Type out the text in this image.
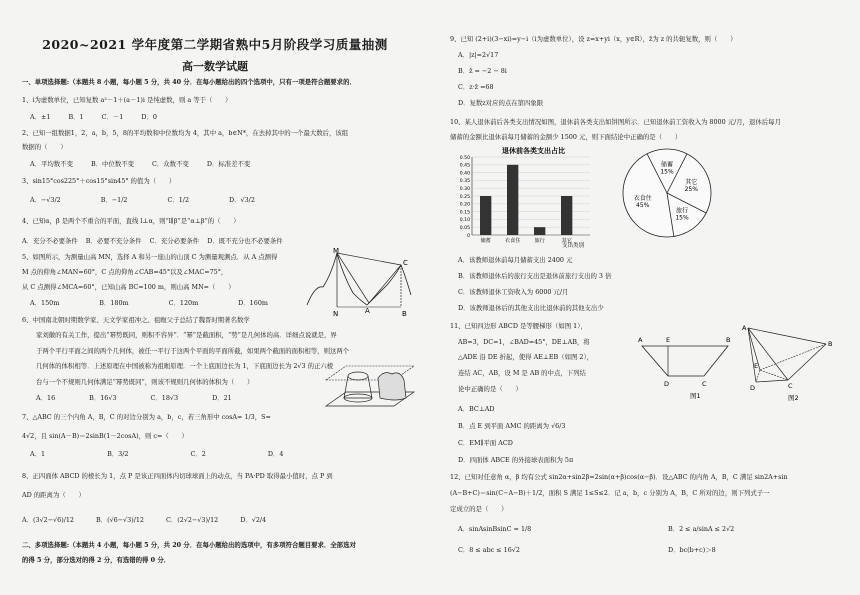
2020~2021 学年度第二学期省熟中5月阶段学习质量抽测
高一数学试题
一、单项选择题:（本题共 8 小题，每小题 5 分，共 40 分．在每小题给出的四个选项中，只有一项是符合题要求的．
1、i为虚数单位，已知复数 a²－1＋(a－1)i 是纯虚数，则 a 等于（　　）
A．±1	B．1	C．－1	D．0
2、已知一组数据1，2，a，b，5，8的平均数和中位数均为 4，其中 a，b∈N*，在去掉其中的一个最大数后，该组
数据的（　　）
A．平均数不变	B．中位数不变	C．众数不变	D．标准差不变
3、sin15°cos225°＋cos15°sin45° 的值为（　　）
A．−√3/2	B．−1/2	C．1/2	D．√3/2
4、已知α，β 是两个不重合的平面，直线 l⊥α，则“l∥β”是“α⊥β”的（　　）
A．充分不必要条件 B．必要不充分条件 C．充分必要条件 D．既不充分也不必要条件
5、如图所示，为测量山高 MN，选择 A 和另一座山的山顶 C 为测量观测点．从 A 点测得
M 点的仰角∠MAN=60°，C 点的仰角∠CAB=45°以及∠MAC=75°，
从 C 点测得∠MCA=60°，已知山高 BC=100 m，则山高 MN=（　　）
A．150m	B．180m	C．120m	D．160m
M
C
N	A	B
6、中国南北朝时期数学家、天文学家祖冲之、祖暅父子总结了魏晋时期著名数学
家刘徽的有关工作，提出“幂势既同，则积不容异”．“幂”是截面积，“势”是几何体的高．详细点说就是，界
于两个平行平面之间的两个几何体，被任一平行于这两个平面的平面所截，如果两个截面的面积相等，则这两个
几何体的体积相等．上述原理在中国被称为祖暅原理．一个上底面边长为 1，下底面边长为 2√3 的正六棱
台与一个不规则几何体满足“幂势既同”，则该不规则几何体的体积为（　　）
A．16	B．16√3	C．18√3	D．21
7、△ABC 的三个内角 A，B，C 的对边分别为 a，b，c，若三角形中 cosA= 1/3，S=
4√2，且 sin(A－B)＝2sinB(1－2cosA)，则 c=（　　）
A．1	B．3/2	C．2	D．4
8、正四面体 ABCD 的棱长为 1，点 P 是该正四面体内切球球面上的动点，当 PA·PD 取得最小值时，点 P 到
AD 的距离为（　　）
A．(3√2−√6)/12	B．(√6−√3)/12	C．(2√2−√3)/12	D．√2/4
二、多项选择题:（本题共 4 小题，每小题 5 分，共 20 分．在每小题给出的选项中，有多项符合题目要求．全部选对
的得 5 分，部分选对的得 2 分，有选错的得 0 分．
9、已知 (2+i)(3−xi)=y−i（i为虚数单位），设 z=x+yi（x，y∈R），z̄为 z 的共轭复数，则（　　）
A．|z|=2√17
B．z̄ = −2 − 8i
C．z·z̄ =68
D．复数z对应的点在第四象限
10、某人退休前后各类支出情况如图，退休前各类支出如饼图所示．已知退休前工资收入为 8000 元/月，退休后每月
储蓄的金额比退休前每月储蓄的金额少 1500 元，则下面结论中正确的是（　　）
退休前各类支出占比
0
0.05
0.10
0.15
0.20
0.25
0.30
0.35
0.40
0.45
0.50
储蓄	衣食住	旅行	其它
支出类别
储蓄
15%
其它
25%
旅行
15%
衣食住
45%
A．该教师退休前每月储蓄支出 2400 元
B．该教师退休后的旅行支出是退休前旅行支出的 3 倍
C．该教师退休工资收入为 6000 元/月
D．该教师退休后的其他支出比退休前的其他支出少
11、已知四边形 ABCD 是等腰梯形（如图 1），
AB=3，DC=1，∠BAD=45°，DE⊥AB，将
△ADE 沿 DE 折起，使得 AE⊥EB（如图 2），
连结 AC，AB，设 M 是 AB 的中点，下列结
论中正确的是（　　）
A	E	B
D	C
图1
A
E
B
D	C
图2
A．BC⊥AD
B．点 E 到平面 AMC 的距离为 √6/3
C．EM∥平面 ACD
D．四面体 ABCE 的外接球表面积为 5π
12、已知对任意角 α，β 均有公式 sin2α+sin2β=2sin(α+β)cos(α−β)．设△ABC 的内角 A，B，C 满足 sin2A+sin
(A−B+C)＝sin(C−A−B)＋1/2，面积 S 满足 1≤S≤2．记 a，b，c 分别为 A，B，C 所对的边，则下列式子一
定成立的是（　　）
A．sinAsinBsinC = 1/8	B．2 ≤ a/sinA ≤ 2√2
C．8 ≤ abc ≤ 16√2	D．bc(b+c)＞8
